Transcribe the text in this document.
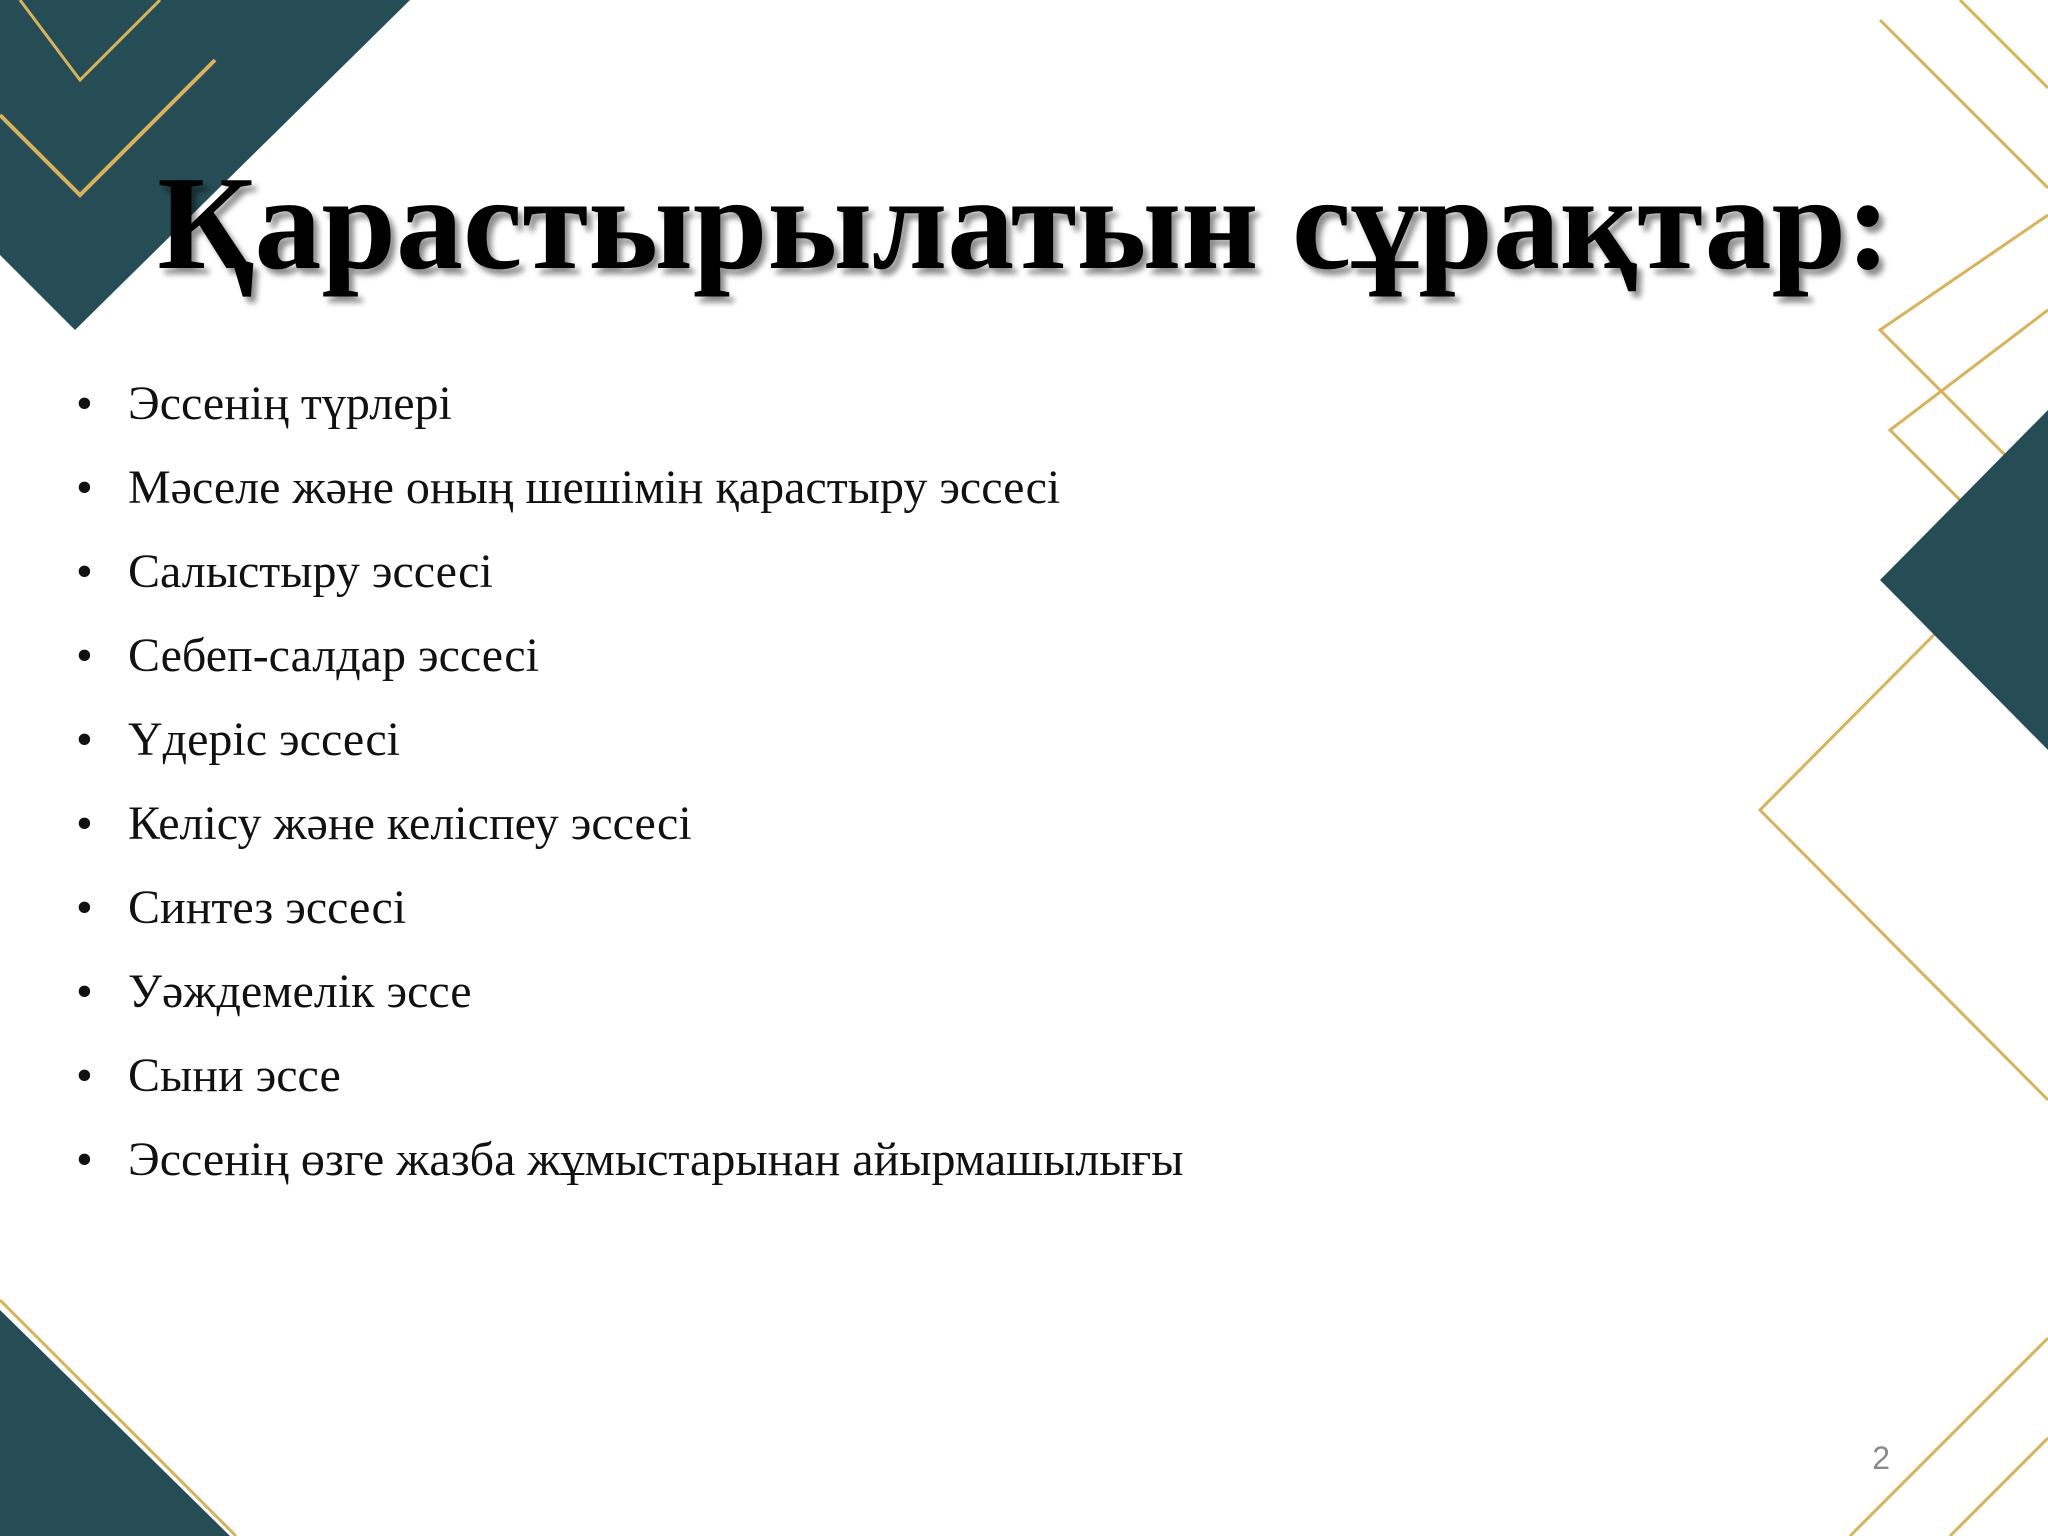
Қарастырылатын сұрақтар:
• Эссенің түрлері
• Мәселе және оның шешімін қарастыру эссесі
• Салыстыру эссесі
• Себеп-салдар эссесі
• Үдеріс эссесі
• Келісу және келіспеу эссесі
• Синтез эссесі
• Уәждемелік эссе
• Сыни эссе
• Эссенің өзге жазба жұмыстарынан айырмашылығы
2
